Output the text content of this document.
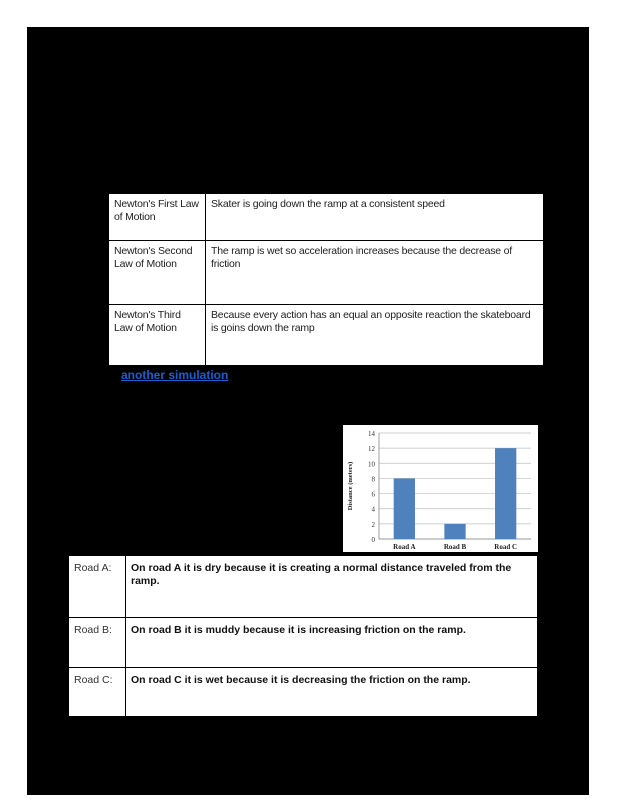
Newton's First Law of Motion	Skater is going down the ramp at a consistent speed
Newton's Second Law of Motion	The ramp is wet so acceleration increases because the decrease of friction
Newton's Third Law of Motion	Because every action has an equal an opposite reaction the skateboard is goins down the ramp
another simulation
0
2
4
6
8
10
12
14
Road A	Road B	Road C
Distance (meters)
Road A:	On road A it is dry because it is creating a normal distance traveled from the ramp.
Road B:	On road B it is muddy because it is increasing friction on the ramp.
Road C:	On road C it is wet because it is decreasing the friction on the ramp.
